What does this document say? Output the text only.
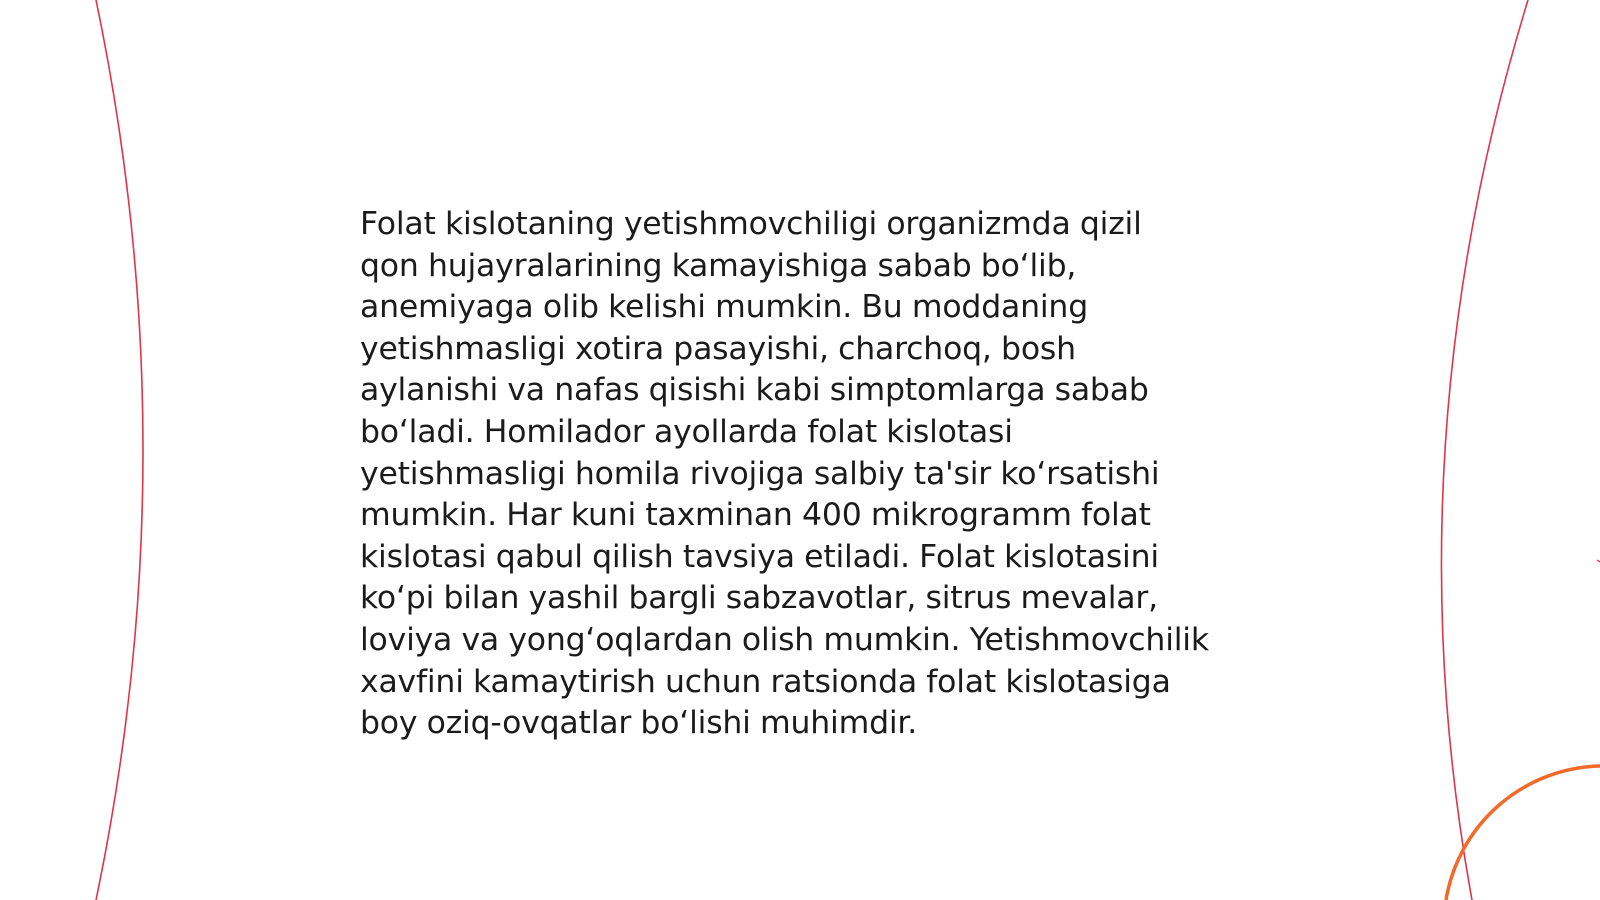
Folat kislotaning yetishmovchiligi organizmda qizil
qon hujayralarining kamayishiga sabab bo‘lib,
anemiyaga olib kelishi mumkin. Bu moddaning
yetishmasligi xotira pasayishi, charchoq, bosh
aylanishi va nafas qisishi kabi simptomlarga sabab
bo‘ladi. Homilador ayollarda folat kislotasi
yetishmasligi homila rivojiga salbiy ta'sir ko‘rsatishi
mumkin. Har kuni taxminan 400 mikrogramm folat
kislotasi qabul qilish tavsiya etiladi. Folat kislotasini
ko‘pi bilan yashil bargli sabzavotlar, sitrus mevalar,
loviya va yong‘oqlardan olish mumkin. Yetishmovchilik
xavfini kamaytirish uchun ratsionda folat kislotasiga
boy oziq-ovqatlar bo‘lishi muhimdir.
